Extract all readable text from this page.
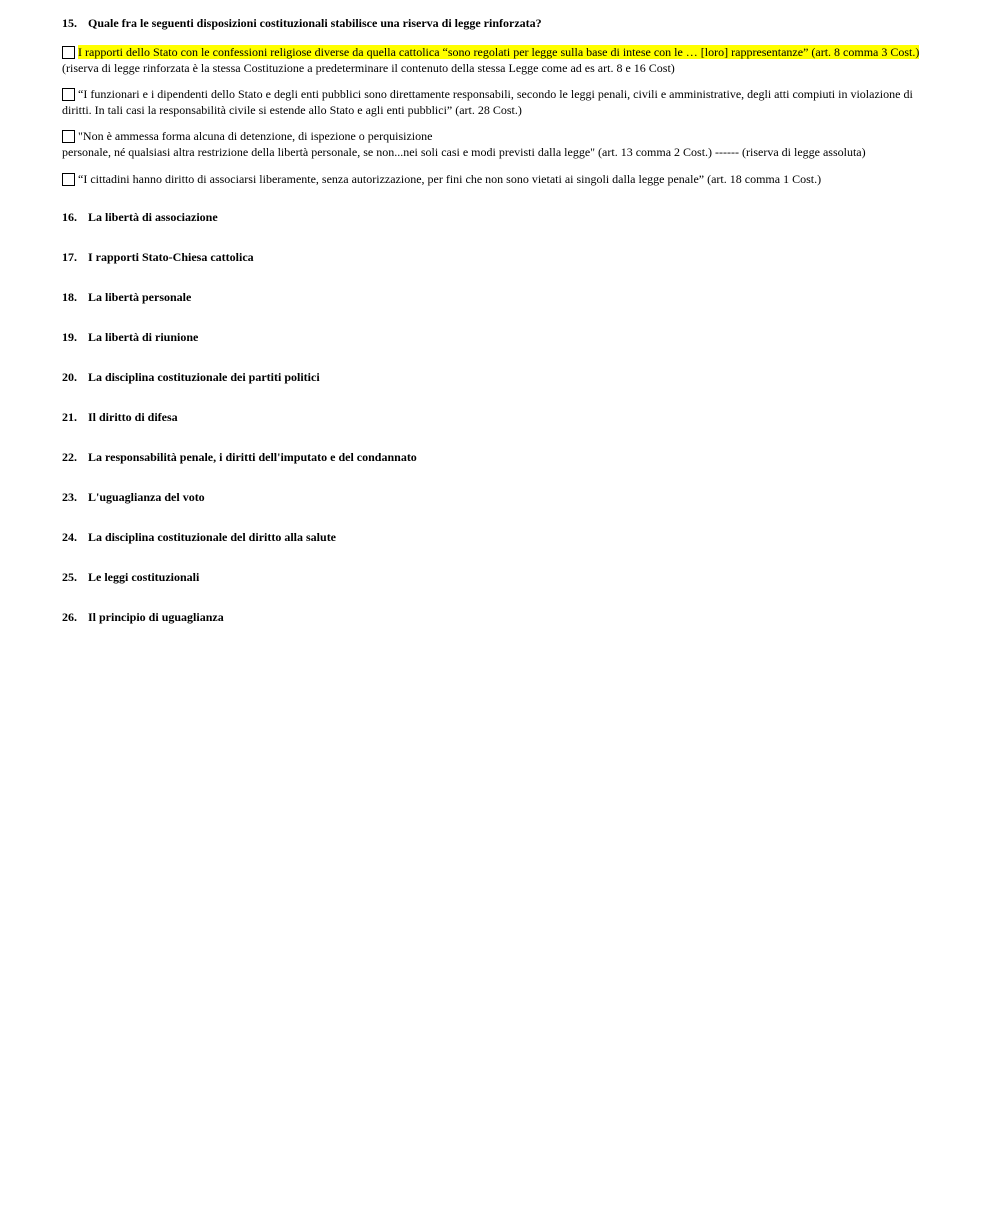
15. Quale fra le seguenti disposizioni costituzionali stabilisce una riserva di legge rinforzata?

I rapporti dello Stato con le confessioni religiose diverse da quella cattolica “sono regolati per legge sulla base di intese con le … [loro] rappresentanze” (art. 8 comma 3 Cost.) (riserva di legge rinforzata è la stessa Costituzione a predeterminare il contenuto della stessa Legge come ad es art. 8 e 16 Cost)

“I funzionari e i dipendenti dello Stato e degli enti pubblici sono direttamente responsabili, secondo le leggi penali, civili e amministrative, degli atti compiuti in violazione di diritti. In tali casi la responsabilità civile si estende allo Stato e agli enti pubblici” (art. 28 Cost.)

"Non è ammessa forma alcuna di detenzione, di ispezione o perquisizione
personale, né qualsiasi altra restrizione della libertà personale, se non...nei soli casi e modi previsti dalla legge" (art. 13 comma 2 Cost.) ------ (riserva di legge assoluta)

“I cittadini hanno diritto di associarsi liberamente, senza autorizzazione, per fini che non sono vietati ai singoli dalla legge penale” (art. 18 comma 1 Cost.)

16. La libertà di associazione

17. I rapporti Stato-Chiesa cattolica

18. La libertà personale

19. La libertà di riunione

20. La disciplina costituzionale dei partiti politici

21. Il diritto di difesa

22. La responsabilità penale, i diritti dell'imputato e del condannato

23. L'uguaglianza del voto

24. La disciplina costituzionale del diritto alla salute

25. Le leggi costituzionali

26. Il principio di uguaglianza
